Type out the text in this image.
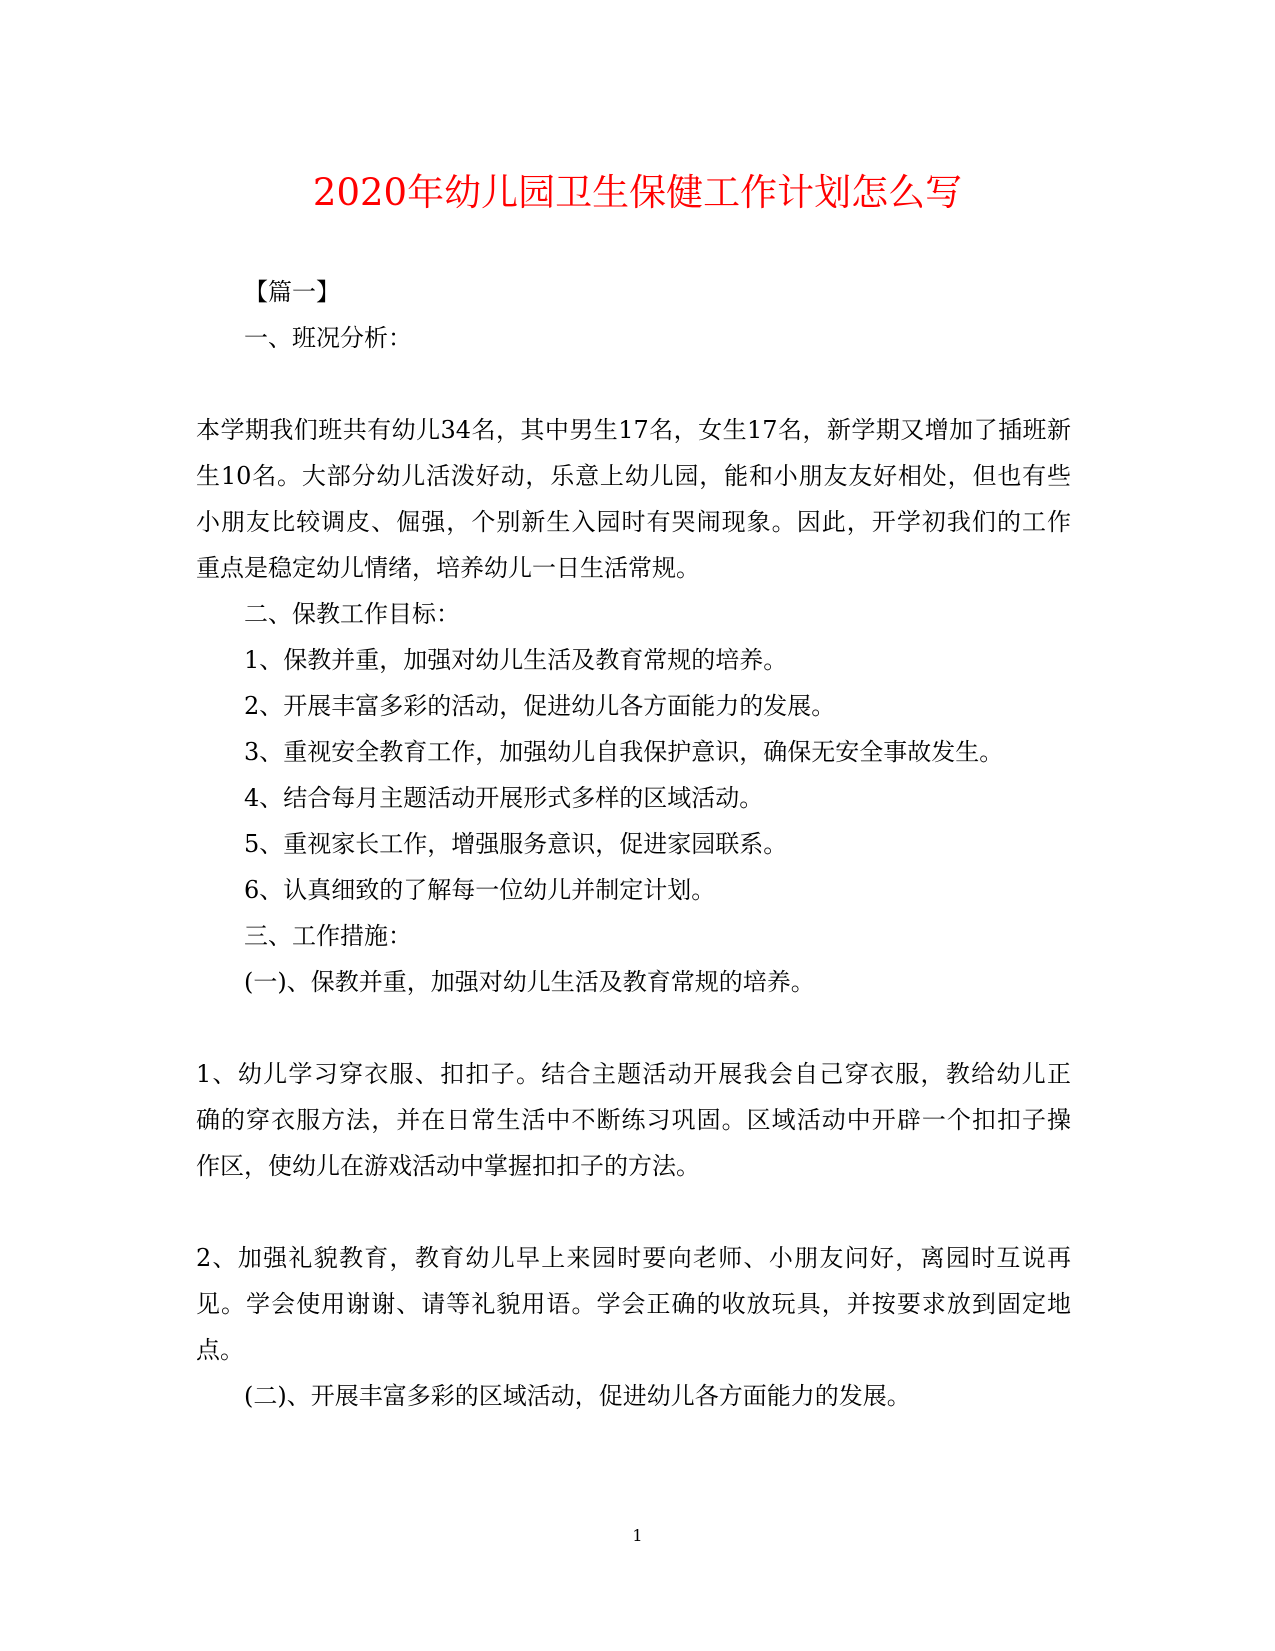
2020年幼儿园卫生保健工作计划怎么写
【篇一】
一、班况分析：
本学期我们班共有幼儿34名，其中男生17名，女生17名，新学期又增加了插班新
生10名。大部分幼儿活泼好动，乐意上幼儿园，能和小朋友友好相处，但也有些
小朋友比较调皮、倔强，个别新生入园时有哭闹现象。因此，开学初我们的工作
重点是稳定幼儿情绪，培养幼儿一日生活常规。
二、保教工作目标：
1、保教并重，加强对幼儿生活及教育常规的培养。
2、开展丰富多彩的活动，促进幼儿各方面能力的发展。
3、重视安全教育工作，加强幼儿自我保护意识，确保无安全事故发生。
4、结合每月主题活动开展形式多样的区域活动。
5、重视家长工作，增强服务意识，促进家园联系。
6、认真细致的了解每一位幼儿并制定计划。
三、工作措施：
(一)、保教并重，加强对幼儿生活及教育常规的培养。
1、幼儿学习穿衣服、扣扣子。结合主题活动开展我会自己穿衣服，教给幼儿正
确的穿衣服方法，并在日常生活中不断练习巩固。区域活动中开辟一个扣扣子操
作区，使幼儿在游戏活动中掌握扣扣子的方法。
2、加强礼貌教育，教育幼儿早上来园时要向老师、小朋友问好，离园时互说再
见。学会使用谢谢、请等礼貌用语。学会正确的收放玩具，并按要求放到固定地
点。
(二)、开展丰富多彩的区域活动，促进幼儿各方面能力的发展。
1
